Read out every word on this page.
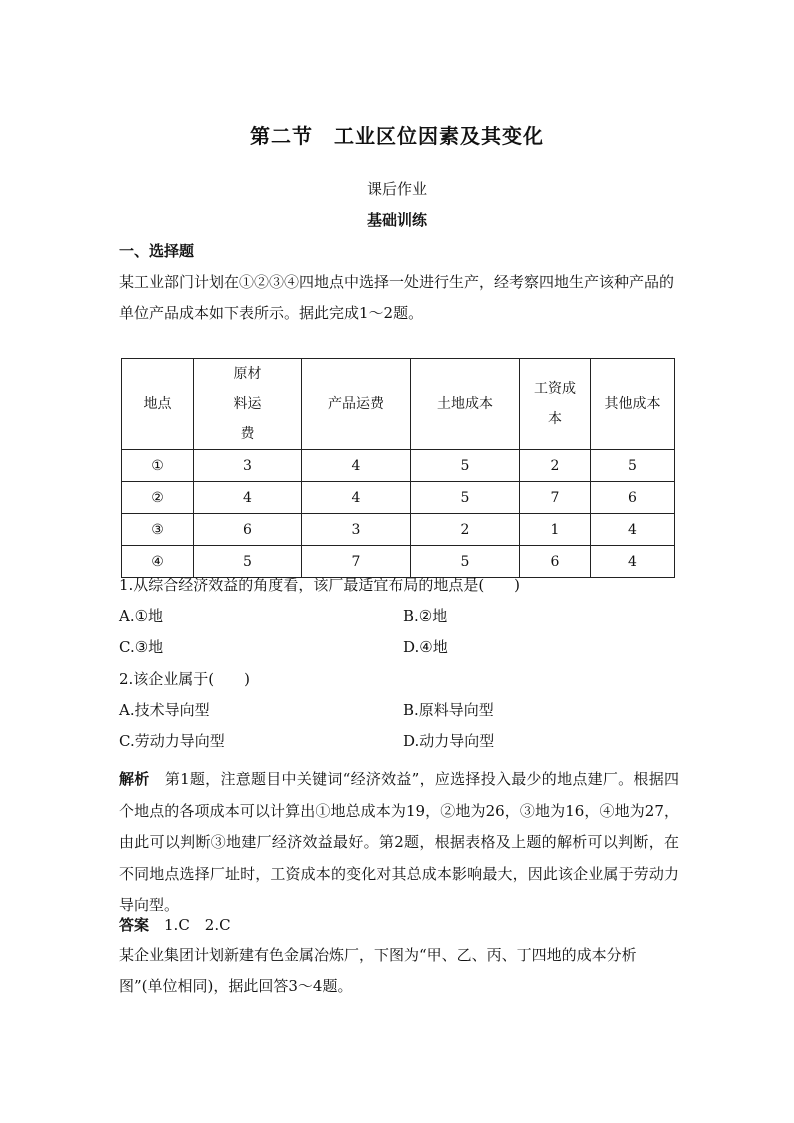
第二节　工业区位因素及其变化
课后作业
基础训练
一、选择题
某工业部门计划在①②③④四地点中选择一处进行生产，经考察四地生产该种产品的单位产品成本如下表所示。据此完成1～2题。
地点	原材料运费	产品运费	土地成本	工资成本	其他成本
①	3	4	5	2	5
②	4	4	5	7	6
③	6	3	2	1	4
④	5	7	5	6	4
1.从综合经济效益的角度看，该厂最适宜布局的地点是(　　)
A.①地	B.②地
C.③地	D.④地
2.该企业属于(　　)
A.技术导向型	B.原料导向型
C.劳动力导向型	D.动力导向型
解析　第1题，注意题目中关键词“经济效益”，应选择投入最少的地点建厂。根据四个地点的各项成本可以计算出①地总成本为19，②地为26，③地为16，④地为27，由此可以判断③地建厂经济效益最好。第2题，根据表格及上题的解析可以判断，在不同地点选择厂址时，工资成本的变化对其总成本影响最大，因此该企业属于劳动力导向型。
答案　1.C　2.C
某企业集团计划新建有色金属冶炼厂，下图为“甲、乙、丙、丁四地的成本分析图”(单位相同)，据此回答3～4题。
